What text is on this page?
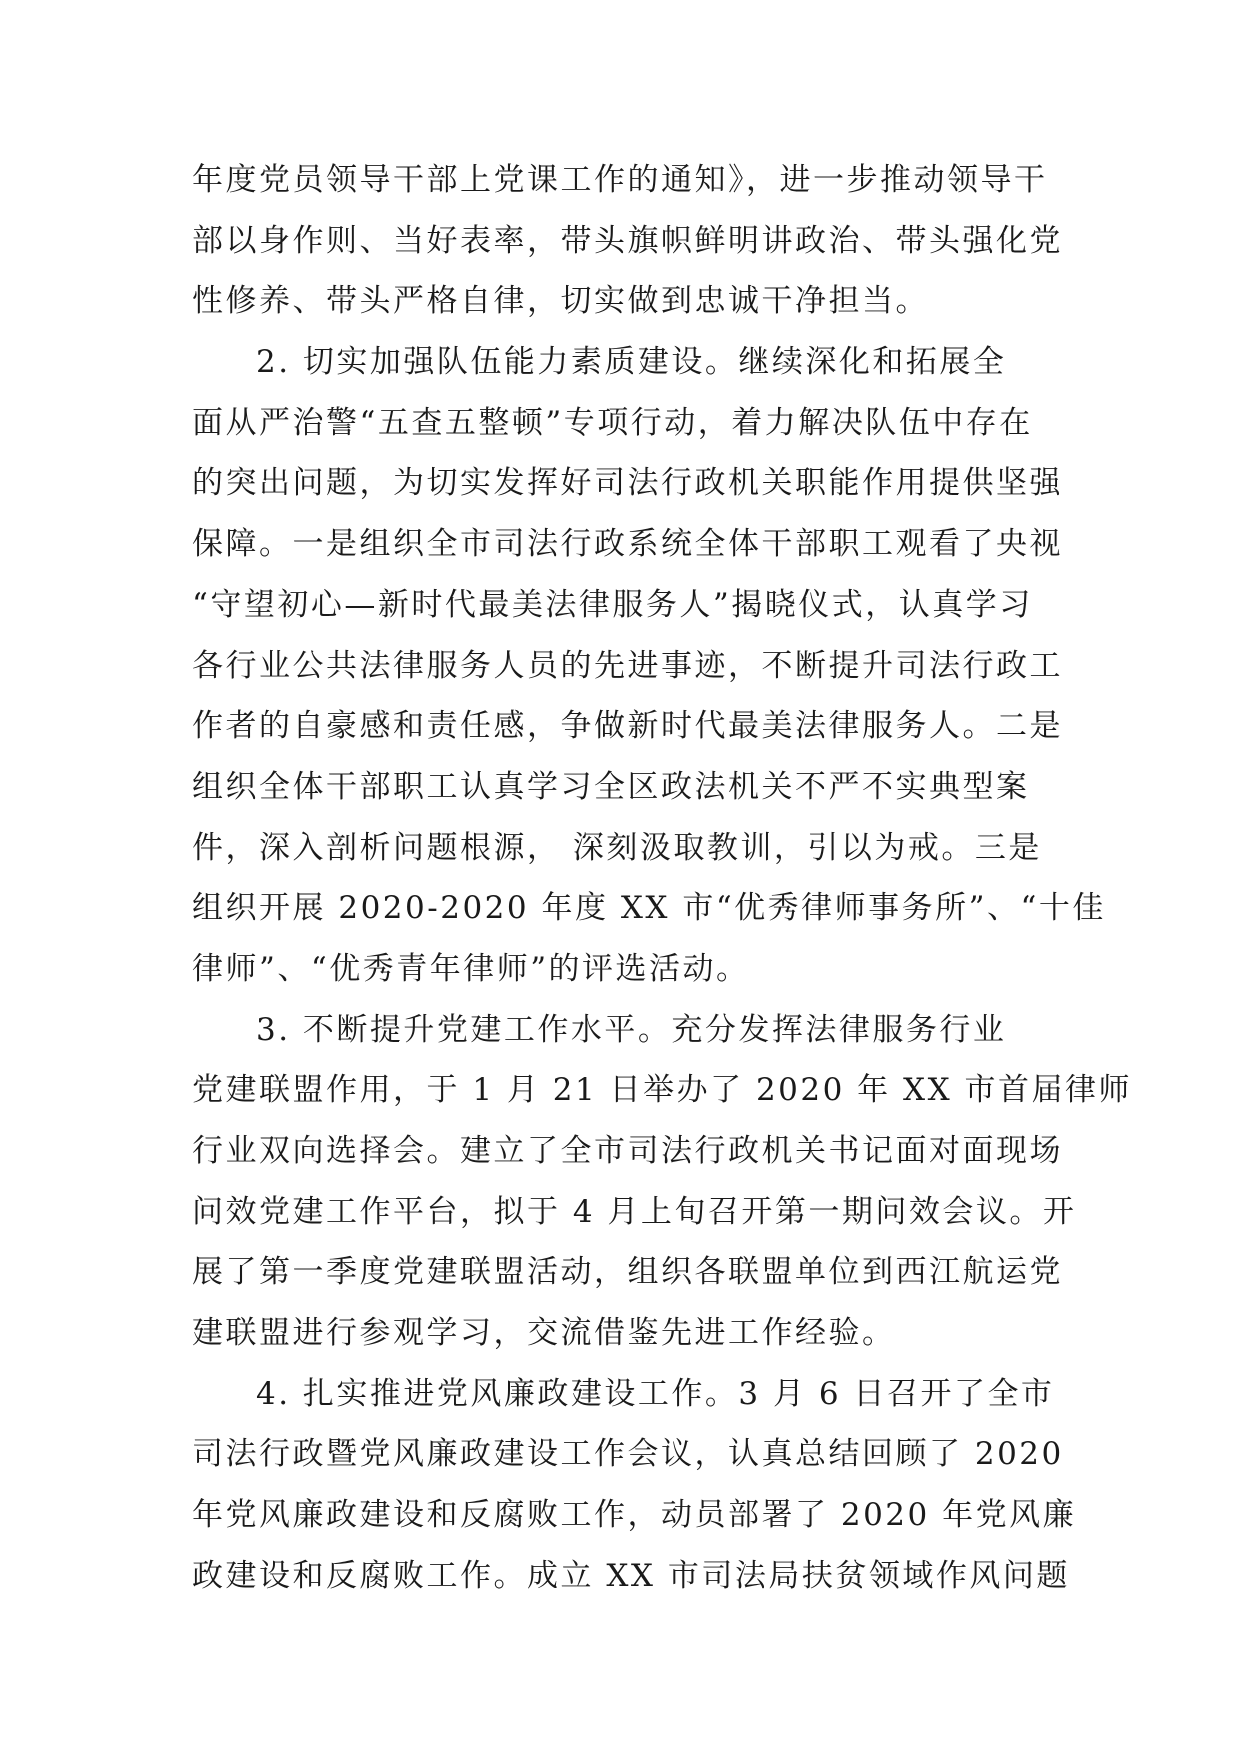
年度党员领导干部上党课工作的通知》，进一步推动领导干
部以身作则、当好表率，带头旗帜鲜明讲政治、带头强化党
性修养、带头严格自律，切实做到忠诚干净担当。
2. 切实加强队伍能力素质建设。继续深化和拓展全
面从严治警“五查五整顿”专项行动，着力解决队伍中存在
的突出问题，为切实发挥好司法行政机关职能作用提供坚强
保障。一是组织全市司法行政系统全体干部职工观看了央视
“守望初心—新时代最美法律服务人”揭晓仪式，认真学习
各行业公共法律服务人员的先进事迹，不断提升司法行政工
作者的自豪感和责任感，争做新时代最美法律服务人。二是
组织全体干部职工认真学习全区政法机关不严不实典型案
件，深入剖析问题根源， 深刻汲取教训，引以为戒。三是
组织开展 2020-2020 年度 XX 市“优秀律师事务所”、“十佳
律师”、“优秀青年律师”的评选活动。
3. 不断提升党建工作水平。充分发挥法律服务行业
党建联盟作用，于 1 月 21 日举办了 2020 年 XX 市首届律师
行业双向选择会。建立了全市司法行政机关书记面对面现场
问效党建工作平台，拟于 4 月上旬召开第一期问效会议。开
展了第一季度党建联盟活动，组织各联盟单位到西江航运党
建联盟进行参观学习，交流借鉴先进工作经验。
4. 扎实推进党风廉政建设工作。3 月 6 日召开了全市
司法行政暨党风廉政建设工作会议，认真总结回顾了 2020
年党风廉政建设和反腐败工作，动员部署了 2020 年党风廉
政建设和反腐败工作。成立 XX 市司法局扶贫领域作风问题
